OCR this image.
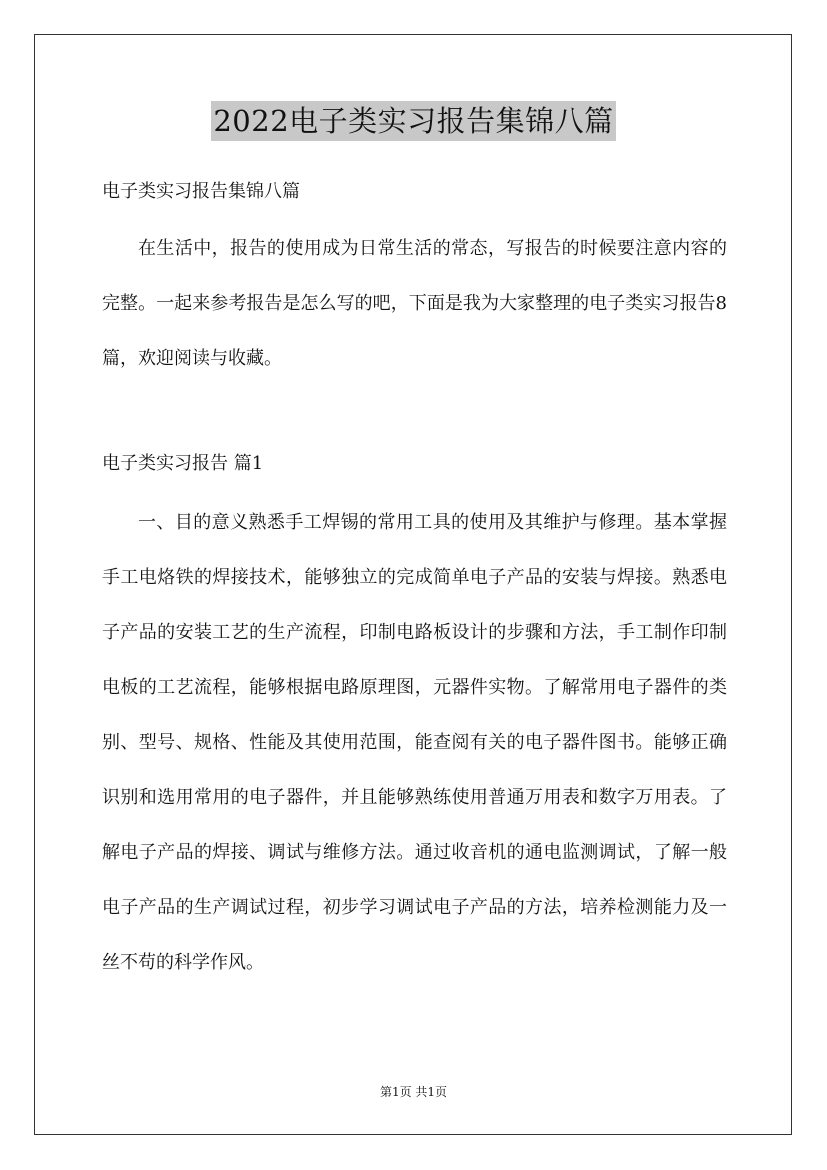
2022电子类实习报告集锦八篇
电子类实习报告集锦八篇

在生活中，报告的使用成为日常生活的常态，写报告的时候要注意内容的完整。一起来参考报告是怎么写的吧，下面是我为大家整理的电子类实习报告8篇，欢迎阅读与收藏。

电子类实习报告 篇1

一、目的意义熟悉手工焊锡的常用工具的使用及其维护与修理。基本掌握手工电烙铁的焊接技术，能够独立的完成简单电子产品的安装与焊接。熟悉电子产品的安装工艺的生产流程，印制电路板设计的步骤和方法，手工制作印制电板的工艺流程，能够根据电路原理图，元器件实物。了解常用电子器件的类别、型号、规格、性能及其使用范围，能查阅有关的电子器件图书。能够正确识别和选用常用的电子器件，并且能够熟练使用普通万用表和数字万用表。了解电子产品的焊接、调试与维修方法。通过收音机的通电监测调试，了解一般电子产品的生产调试过程，初步学习调试电子产品的方法，培养检测能力及一丝不苟的科学作风。

第1页 共1页
